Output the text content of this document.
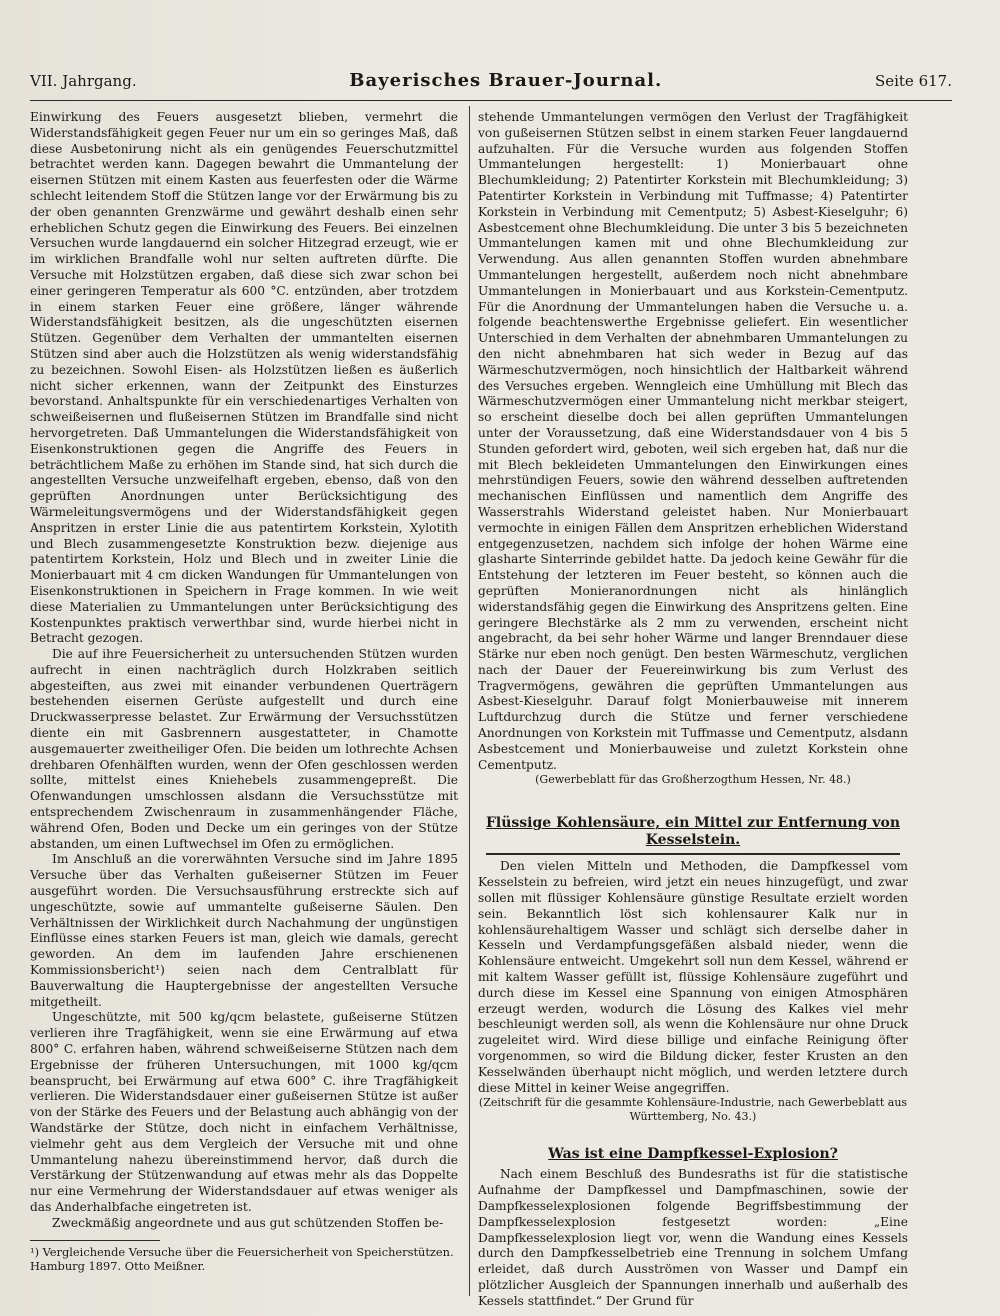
VII. Jahrgang.	Bayerisches Brauer-Journal.	Seite 617.

Einwirkung des Feuers ausgesetzt blieben, vermehrt die Widerstandsfähigkeit gegen Feuer nur um ein so geringes Maß, daß diese Ausbetonirung nicht als ein genügendes Feuerschutzmittel betrachtet werden kann. Dagegen bewahrt die Ummantelung der eisernen Stützen mit einem Kasten aus feuerfesten oder die Wärme schlecht leitendem Stoff die Stützen lange vor der Erwärmung bis zu der oben genannten Grenzwärme und gewährt deshalb einen sehr erheblichen Schutz gegen die Einwirkung des Feuers. Bei einzelnen Versuchen wurde langdauernd ein solcher Hitzegrad erzeugt, wie er im wirklichen Brandfalle wohl nur selten auftreten dürfte. Die Versuche mit Holzstützen ergaben, daß diese sich zwar schon bei einer geringeren Temperatur als 600 °C. entzünden, aber trotzdem in einem starken Feuer eine größere, länger währende Widerstandsfähigkeit besitzen, als die ungeschützten eisernen Stützen. Gegenüber dem Verhalten der ummantelten eisernen Stützen sind aber auch die Holzstützen als wenig widerstandsfähig zu bezeichnen. Sowohl Eisen- als Holzstützen ließen es äußerlich nicht sicher erkennen, wann der Zeitpunkt des Einsturzes bevorstand. Anhaltspunkte für ein verschiedenartiges Verhalten von schweißeisernen und flußeisernen Stützen im Brandfalle sind nicht hervorgetreten. Daß Ummantelungen die Widerstandsfähigkeit von Eisenkonstruktionen gegen die Angriffe des Feuers in beträchtlichem Maße zu erhöhen im Stande sind, hat sich durch die angestellten Versuche unzweifelhaft ergeben, ebenso, daß von den geprüften Anordnungen unter Berücksichtigung des Wärmeleitungsvermögens und der Widerstandsfähigkeit gegen Anspritzen in erster Linie die aus patentirtem Korkstein, Xylotith und Blech zusammengesetzte Konstruktion bezw. diejenige aus patentirtem Korkstein, Holz und Blech und in zweiter Linie die Monierbauart mit 4 cm dicken Wandungen für Ummantelungen von Eisenkonstruktionen in Speichern in Frage kommen. In wie weit diese Materialien zu Ummantelungen unter Berücksichtigung des Kostenpunktes praktisch verwerthbar sind, wurde hierbei nicht in Betracht gezogen.

Die auf ihre Feuersicherheit zu untersuchenden Stützen wurden aufrecht in einen nachträglich durch Holzkraben seitlich abgesteiften, aus zwei mit einander verbundenen Querträgern bestehenden eisernen Gerüste aufgestellt und durch eine Druckwasserpresse belastet. Zur Erwärmung der Versuchsstützen diente ein mit Gasbrennern ausgestatteter, in Chamotte ausgemauerter zweitheiliger Ofen. Die beiden um lothrechte Achsen drehbaren Ofenhälften wurden, wenn der Ofen geschlossen werden sollte, mittelst eines Kniehebels zusammengepreßt. Die Ofenwandungen umschlossen alsdann die Versuchsstütze mit entsprechendem Zwischenraum in zusammenhängender Fläche, während Ofen, Boden und Decke um ein geringes von der Stütze abstanden, um einen Luftwechsel im Ofen zu ermöglichen.

Im Anschluß an die vorerwähnten Versuche sind im Jahre 1895 Versuche über das Verhalten gußeiserner Stützen im Feuer ausgeführt worden. Die Versuchsausführung erstreckte sich auf ungeschützte, sowie auf ummantelte gußeiserne Säulen. Den Verhältnissen der Wirklichkeit durch Nachahmung der ungünstigen Einflüsse eines starken Feuers ist man, gleich wie damals, gerecht geworden. An dem im laufenden Jahre erschienenen Kommissionsbericht¹) seien nach dem Centralblatt für Bauverwaltung die Hauptergebnisse der angestellten Versuche mitgetheilt.

Ungeschützte, mit 500 kg/qcm belastete, gußeiserne Stützen verlieren ihre Tragfähigkeit, wenn sie eine Erwärmung auf etwa 800° C. erfahren haben, während schweißeiserne Stützen nach dem Ergebnisse der früheren Untersuchungen, mit 1000 kg/qcm beansprucht, bei Erwärmung auf etwa 600° C. ihre Tragfähigkeit verlieren. Die Widerstandsdauer einer gußeisernen Stütze ist außer von der Stärke des Feuers und der Belastung auch abhängig von der Wandstärke der Stütze, doch nicht in einfachem Verhältnisse, vielmehr geht aus dem Vergleich der Versuche mit und ohne Ummantelung nahezu übereinstimmend hervor, daß durch die Verstärkung der Stützenwandung auf etwas mehr als das Doppelte nur eine Vermehrung der Widerstandsdauer auf etwas weniger als das Anderhalbfache eingetreten ist.

Zweckmäßig angeordnete und aus gut schützenden Stoffen be-

¹) Vergleichende Versuche über die Feuersicherheit von Speicherstützen. Hamburg 1897. Otto Meißner.

stehende Ummantelungen vermögen den Verlust der Tragfähigkeit von gußeisernen Stützen selbst in einem starken Feuer langdauernd aufzuhalten. Für die Versuche wurden aus folgenden Stoffen Ummantelungen hergestellt: 1) Monierbauart ohne Blechumkleidung; 2) Patentirter Korkstein mit Blechumkleidung; 3) Patentirter Korkstein in Verbindung mit Tuffmasse; 4) Patentirter Korkstein in Verbindung mit Cementputz; 5) Asbest-Kieselguhr; 6) Asbestcement ohne Blechumkleidung. Die unter 3 bis 5 bezeichneten Ummantelungen kamen mit und ohne Blechumkleidung zur Verwendung. Aus allen genannten Stoffen wurden abnehmbare Ummantelungen hergestellt, außerdem noch nicht abnehmbare Ummantelungen in Monierbauart und aus Korkstein-Cementputz. Für die Anordnung der Ummantelungen haben die Versuche u. a. folgende beachtenswerthe Ergebnisse geliefert. Ein wesentlicher Unterschied in dem Verhalten der abnehmbaren Ummantelungen zu den nicht abnehmbaren hat sich weder in Bezug auf das Wärmeschutzvermögen, noch hinsichtlich der Haltbarkeit während des Versuches ergeben. Wenngleich eine Umhüllung mit Blech das Wärmeschutzvermögen einer Ummantelung nicht merkbar steigert, so erscheint dieselbe doch bei allen geprüften Ummantelungen unter der Voraussetzung, daß eine Widerstandsdauer von 4 bis 5 Stunden gefordert wird, geboten, weil sich ergeben hat, daß nur die mit Blech bekleideten Ummantelungen den Einwirkungen eines mehrstündigen Feuers, sowie den während desselben auftretenden mechanischen Einflüssen und namentlich dem Angriffe des Wasserstrahls Widerstand geleistet haben. Nur Monierbauart vermochte in einigen Fällen dem Anspritzen erheblichen Widerstand entgegenzusetzen, nachdem sich infolge der hohen Wärme eine glasharte Sinterrinde gebildet hatte. Da jedoch keine Gewähr für die Entstehung der letzteren im Feuer besteht, so können auch die geprüften Monieranordnungen nicht als hinlänglich widerstandsfähig gegen die Einwirkung des Anspritzens gelten. Eine geringere Blechstärke als 2 mm zu verwenden, erscheint nicht angebracht, da bei sehr hoher Wärme und langer Brenndauer diese Stärke nur eben noch genügt. Den besten Wärmeschutz, verglichen nach der Dauer der Feuereinwirkung bis zum Verlust des Tragvermögens, gewähren die geprüften Ummantelungen aus Asbest-Kieselguhr. Darauf folgt Monierbauweise mit innerem Luftdurchzug durch die Stütze und ferner verschiedene Anordnungen von Korkstein mit Tuffmasse und Cementputz, alsdann Asbestcement und Monierbauweise und zuletzt Korkstein ohne Cementputz.

(Gewerbeblatt für das Großherzogthum Hessen, Nr. 48.)

Flüssige Kohlensäure, ein Mittel zur Entfernung von Kesselstein.

Den vielen Mitteln und Methoden, die Dampfkessel vom Kesselstein zu befreien, wird jetzt ein neues hinzugefügt, und zwar sollen mit flüssiger Kohlensäure günstige Resultate erzielt worden sein. Bekanntlich löst sich kohlensaurer Kalk nur in kohlensäurehaltigem Wasser und schlägt sich derselbe daher in Kesseln und Verdampfungsgefäßen alsbald nieder, wenn die Kohlensäure entweicht. Umgekehrt soll nun dem Kessel, während er mit kaltem Wasser gefüllt ist, flüssige Kohlensäure zugeführt und durch diese im Kessel eine Spannung von einigen Atmosphären erzeugt werden, wodurch die Lösung des Kalkes viel mehr beschleunigt werden soll, als wenn die Kohlensäure nur ohne Druck zugeleitet wird. Wird diese billige und einfache Reinigung öfter vorgenommen, so wird die Bildung dicker, fester Krusten an den Kesselwänden überhaupt nicht möglich, und werden letztere durch diese Mittel in keiner Weise angegriffen.

(Zeitschrift für die gesammte Kohlensäure-Industrie, nach Gewerbeblatt aus Württemberg, No. 43.)

Was ist eine Dampfkessel-Explosion?

Nach einem Beschluß des Bundesraths ist für die statistische Aufnahme der Dampfkessel und Dampfmaschinen, sowie der Dampfkesselexplosionen folgende Begriffsbestimmung der Dampfkesselexplosion festgesetzt worden: „Eine Dampfkesselexplosion liegt vor, wenn die Wandung eines Kessels durch den Dampfkesselbetrieb eine Trennung in solchem Umfang erleidet, daß durch Ausströmen von Wasser und Dampf ein plötzlicher Ausgleich der Spannungen innerhalb und außerhalb des Kessels stattfindet.“ Der Grund für
